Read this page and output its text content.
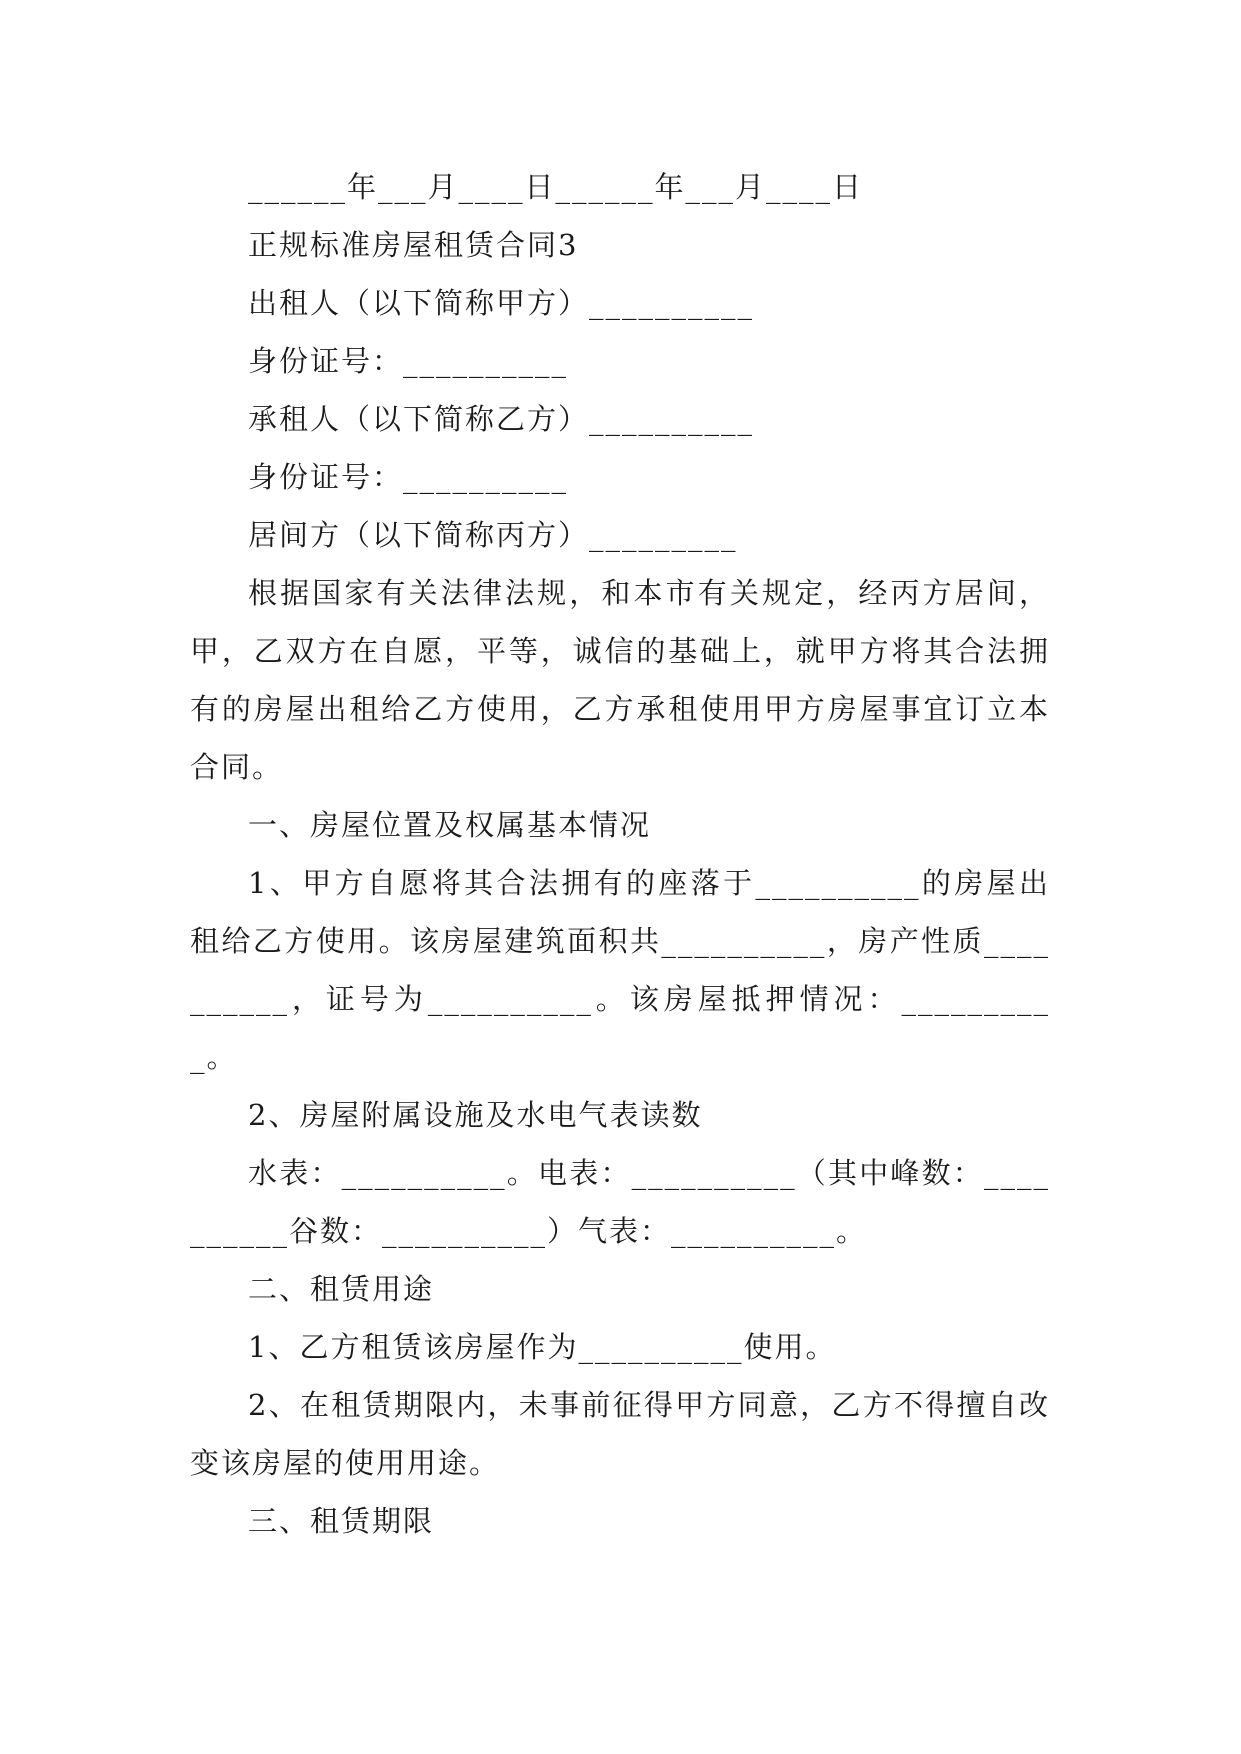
______年___月____日______年___月____日

正规标准房屋租赁合同3

出租人（以下简称甲方）__________

身份证号：__________

承租人（以下简称乙方）__________

身份证号：__________

居间方（以下简称丙方）_________

根据国家有关法律法规，和本市有关规定，经丙方居间，甲，乙双方在自愿，平等，诚信的基础上，就甲方将其合法拥有的房屋出租给乙方使用，乙方承租使用甲方房屋事宜订立本合同。

一、房屋位置及权属基本情况

1、甲方自愿将其合法拥有的座落于__________的房屋出租给乙方使用。该房屋建筑面积共__________，房产性质__________，证号为__________。该房屋抵押情况：__________。

2、房屋附属设施及水电气表读数

水表：__________。电表：__________（其中峰数：__________谷数：__________）气表：__________。

二、租赁用途

1、乙方租赁该房屋作为__________使用。

2、在租赁期限内，未事前征得甲方同意，乙方不得擅自改变该房屋的使用用途。

三、租赁期限
